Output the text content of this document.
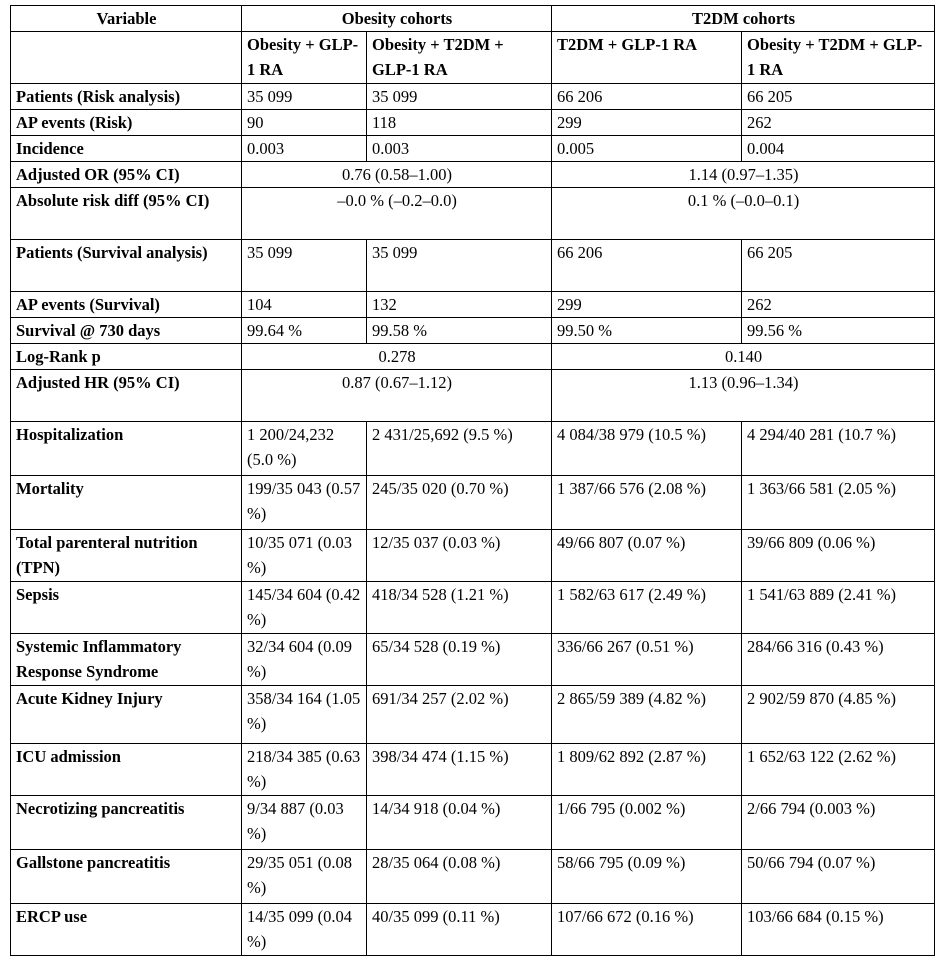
Variable	Obesity cohorts		T2DM cohorts	
	Obesity + GLP-1 RA	Obesity + T2DM + GLP-1 RA	T2DM + GLP-1 RA	Obesity + T2DM + GLP-1 RA
Patients (Risk analysis)	35 099	35 099	66 206	66 205
AP events (Risk)	90	118	299	262
Incidence	0.003	0.003	0.005	0.004
Adjusted OR (95% CI)	0.76 (0.58–1.00)		1.14 (0.97–1.35)	
Absolute risk diff (95% CI)	–0.0 % (–0.2–0.0)		0.1 % (–0.0–0.1)	
Patients (Survival analysis)	35 099	35 099	66 206	66 205
AP events (Survival)	104	132	299	262
Survival @ 730 days	99.64 %	99.58 %	99.50 %	99.56 %
Log-Rank p	0.278		0.140	
Adjusted HR (95% CI)	0.87 (0.67–1.12)		1.13 (0.96–1.34)	
Hospitalization	1 200/24,232 (5.0 %)	2 431/25,692 (9.5 %)	4 084/38 979 (10.5 %)	4 294/40 281 (10.7 %)
Mortality	199/35 043 (0.57 %)	245/35 020 (0.70 %)	1 387/66 576 (2.08 %)	1 363/66 581 (2.05 %)
Total parenteral nutrition (TPN)	10/35 071 (0.03 %)	12/35 037 (0.03 %)	49/66 807 (0.07 %)	39/66 809 (0.06 %)
Sepsis	145/34 604 (0.42 %)	418/34 528 (1.21 %)	1 582/63 617 (2.49 %)	1 541/63 889 (2.41 %)
Systemic Inflammatory Response Syndrome	32/34 604 (0.09 %)	65/34 528 (0.19 %)	336/66 267 (0.51 %)	284/66 316 (0.43 %)
Acute Kidney Injury	358/34 164 (1.05 %)	691/34 257 (2.02 %)	2 865/59 389 (4.82 %)	2 902/59 870 (4.85 %)
ICU admission	218/34 385 (0.63 %)	398/34 474 (1.15 %)	1 809/62 892 (2.87 %)	1 652/63 122 (2.62 %)
Necrotizing pancreatitis	9/34 887 (0.03 %)	14/34 918 (0.04 %)	1/66 795 (0.002 %)	2/66 794 (0.003 %)
Gallstone pancreatitis	29/35 051 (0.08 %)	28/35 064 (0.08 %)	58/66 795 (0.09 %)	50/66 794 (0.07 %)
ERCP use	14/35 099 (0.04 %)	40/35 099 (0.11 %)	107/66 672 (0.16 %)	103/66 684 (0.15 %)
